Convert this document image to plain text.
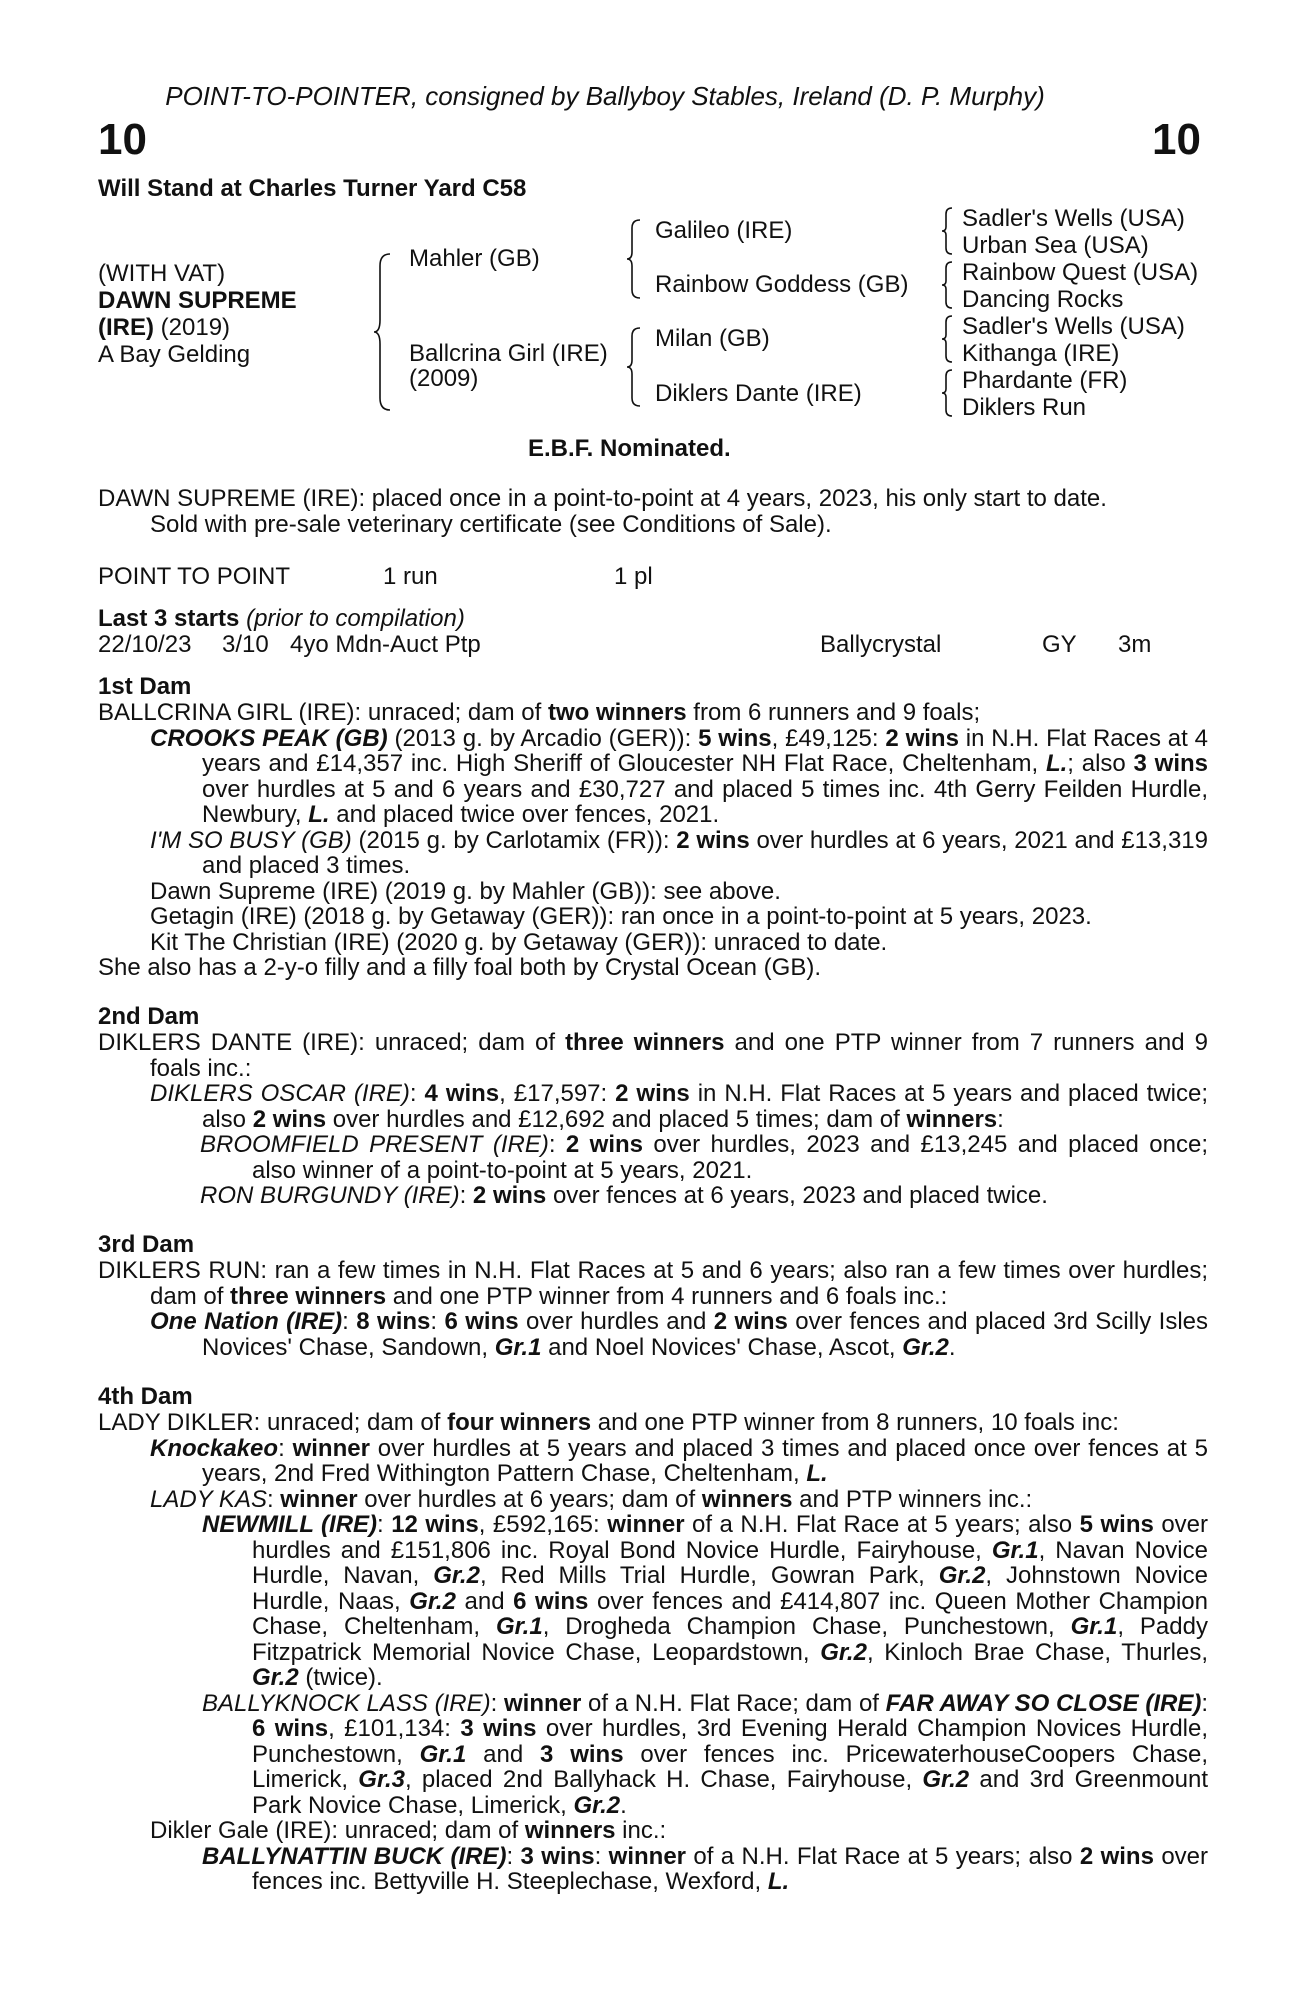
POINT-TO-POINTER, consigned by Ballyboy Stables, Ireland (D. P. Murphy)
10	10
Will Stand at Charles Turner Yard C58
(WITH VAT)
DAWN SUPREME
(IRE) (2019)
A Bay Gelding
Mahler (GB)
Ballcrina Girl (IRE)
(2009)
Galileo (IRE)
Rainbow Goddess (GB)
Milan (GB)
Diklers Dante (IRE)
Sadler's Wells (USA)
Urban Sea (USA)
Rainbow Quest (USA)
Dancing Rocks
Sadler's Wells (USA)
Kithanga (IRE)
Phardante (FR)
Diklers Run
E.B.F. Nominated.

DAWN SUPREME (IRE): placed once in a point-to-point at 4 years, 2023, his only start to date.

Sold with pre-sale veterinary certificate (see Conditions of Sale).

POINT TO POINT	1 run	1 pl
Last 3 starts (prior to compilation)
22/10/23 3/10 4yo Mdn-Auct Ptp	Ballycrystal	GY 3m
1st Dam

BALLCRINA GIRL (IRE): unraced; dam of two winners from 6 runners and 9 foals;

CROOKS PEAK (GB) (2013 g. by Arcadio (GER)): 5 wins, £49,125: 2 wins in N.H. Flat Races at 4 years and £14,357 inc. High Sheriff of Gloucester NH Flat Race, Cheltenham, L.; also 3 wins over hurdles at 5 and 6 years and £30,727 and placed 5 times inc. 4th Gerry Feilden Hurdle, Newbury, L. and placed twice over fences, 2021.

I'M SO BUSY (GB) (2015 g. by Carlotamix (FR)): 2 wins over hurdles at 6 years, 2021 and £13,319 and placed 3 times.

Dawn Supreme (IRE) (2019 g. by Mahler (GB)): see above.

Getagin (IRE) (2018 g. by Getaway (GER)): ran once in a point-to-point at 5 years, 2023.

Kit The Christian (IRE) (2020 g. by Getaway (GER)): unraced to date.

She also has a 2-y-o filly and a filly foal both by Crystal Ocean (GB).

2nd Dam

DIKLERS DANTE (IRE): unraced; dam of three winners and one PTP winner from 7 runners and 9 foals inc.:

DIKLERS OSCAR (IRE): 4 wins, £17,597: 2 wins in N.H. Flat Races at 5 years and placed twice; also 2 wins over hurdles and £12,692 and placed 5 times; dam of winners:

BROOMFIELD PRESENT (IRE): 2 wins over hurdles, 2023 and £13,245 and placed once; also winner of a point-to-point at 5 years, 2021.

RON BURGUNDY (IRE): 2 wins over fences at 6 years, 2023 and placed twice.

3rd Dam

DIKLERS RUN: ran a few times in N.H. Flat Races at 5 and 6 years; also ran a few times over hurdles; dam of three winners and one PTP winner from 4 runners and 6 foals inc.:

One Nation (IRE): 8 wins: 6 wins over hurdles and 2 wins over fences and placed 3rd Scilly Isles Novices' Chase, Sandown, Gr.1 and Noel Novices' Chase, Ascot, Gr.2.

4th Dam

LADY DIKLER: unraced; dam of four winners and one PTP winner from 8 runners, 10 foals inc:

Knockakeo: winner over hurdles at 5 years and placed 3 times and placed once over fences at 5 years, 2nd Fred Withington Pattern Chase, Cheltenham, L.

LADY KAS: winner over hurdles at 6 years; dam of winners and PTP winners inc.:

NEWMILL (IRE): 12 wins, £592,165: winner of a N.H. Flat Race at 5 years; also 5 wins over hurdles and £151,806 inc. Royal Bond Novice Hurdle, Fairyhouse, Gr.1, Navan Novice Hurdle, Navan, Gr.2, Red Mills Trial Hurdle, Gowran Park, Gr.2, Johnstown Novice Hurdle, Naas, Gr.2 and 6 wins over fences and £414,807 inc. Queen Mother Champion Chase, Cheltenham, Gr.1, Drogheda Champion Chase, Punchestown, Gr.1, Paddy Fitzpatrick Memorial Novice Chase, Leopardstown, Gr.2, Kinloch Brae Chase, Thurles, Gr.2 (twice).

BALLYKNOCK LASS (IRE): winner of a N.H. Flat Race; dam of FAR AWAY SO CLOSE (IRE): 6 wins, £101,134: 3 wins over hurdles, 3rd Evening Herald Champion Novices Hurdle, Punchestown, Gr.1 and 3 wins over fences inc. PricewaterhouseCoopers Chase, Limerick, Gr.3, placed 2nd Ballyhack H. Chase, Fairyhouse, Gr.2 and 3rd Greenmount Park Novice Chase, Limerick, Gr.2.

Dikler Gale (IRE): unraced; dam of winners inc.:

BALLYNATTIN BUCK (IRE): 3 wins: winner of a N.H. Flat Race at 5 years; also 2 wins over fences inc. Bettyville H. Steeplechase, Wexford, L.
